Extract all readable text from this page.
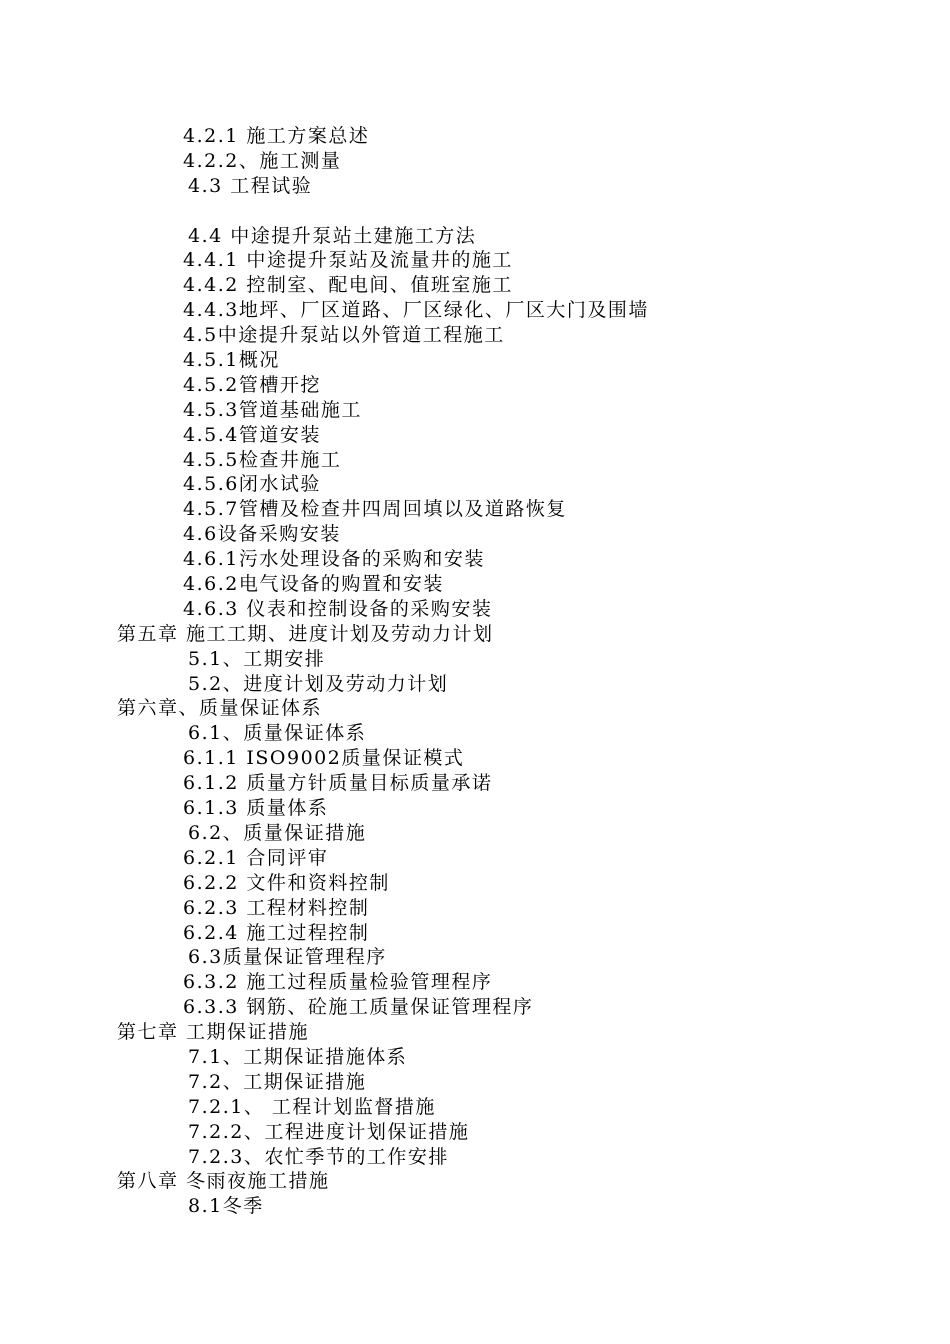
4.2.1 施工方案总述
4.2.2、施工测量
4.3 工程试验
4.4 中途提升泵站土建施工方法
4.4.1 中途提升泵站及流量井的施工
4.4.2 控制室、配电间、值班室施工
4.4.3地坪、厂区道路、厂区绿化、厂区大门及围墙
4.5中途提升泵站以外管道工程施工
4.5.1概况
4.5.2管槽开挖
4.5.3管道基础施工
4.5.4管道安装
4.5.5检查井施工
4.5.6闭水试验
4.5.7管槽及检查井四周回填以及道路恢复
4.6设备采购安装
4.6.1污水处理设备的采购和安装
4.6.2电气设备的购置和安装
4.6.3 仪表和控制设备的采购安装
第五章 施工工期、进度计划及劳动力计划
5.1、工期安排
5.2、进度计划及劳动力计划
第六章、质量保证体系
6.1、质量保证体系
6.1.1 ISO9002质量保证模式
6.1.2 质量方针质量目标质量承诺
6.1.3 质量体系
6.2、质量保证措施
6.2.1 合同评审
6.2.2 文件和资料控制
6.2.3 工程材料控制
6.2.4 施工过程控制
6.3质量保证管理程序
6.3.2 施工过程质量检验管理程序
6.3.3 钢筋、砼施工质量保证管理程序
第七章 工期保证措施
7.1、工期保证措施体系
7.2、工期保证措施
7.2.1、 工程计划监督措施
7.2.2、工程进度计划保证措施
7.2.3、农忙季节的工作安排
第八章 冬雨夜施工措施
8.1冬季
